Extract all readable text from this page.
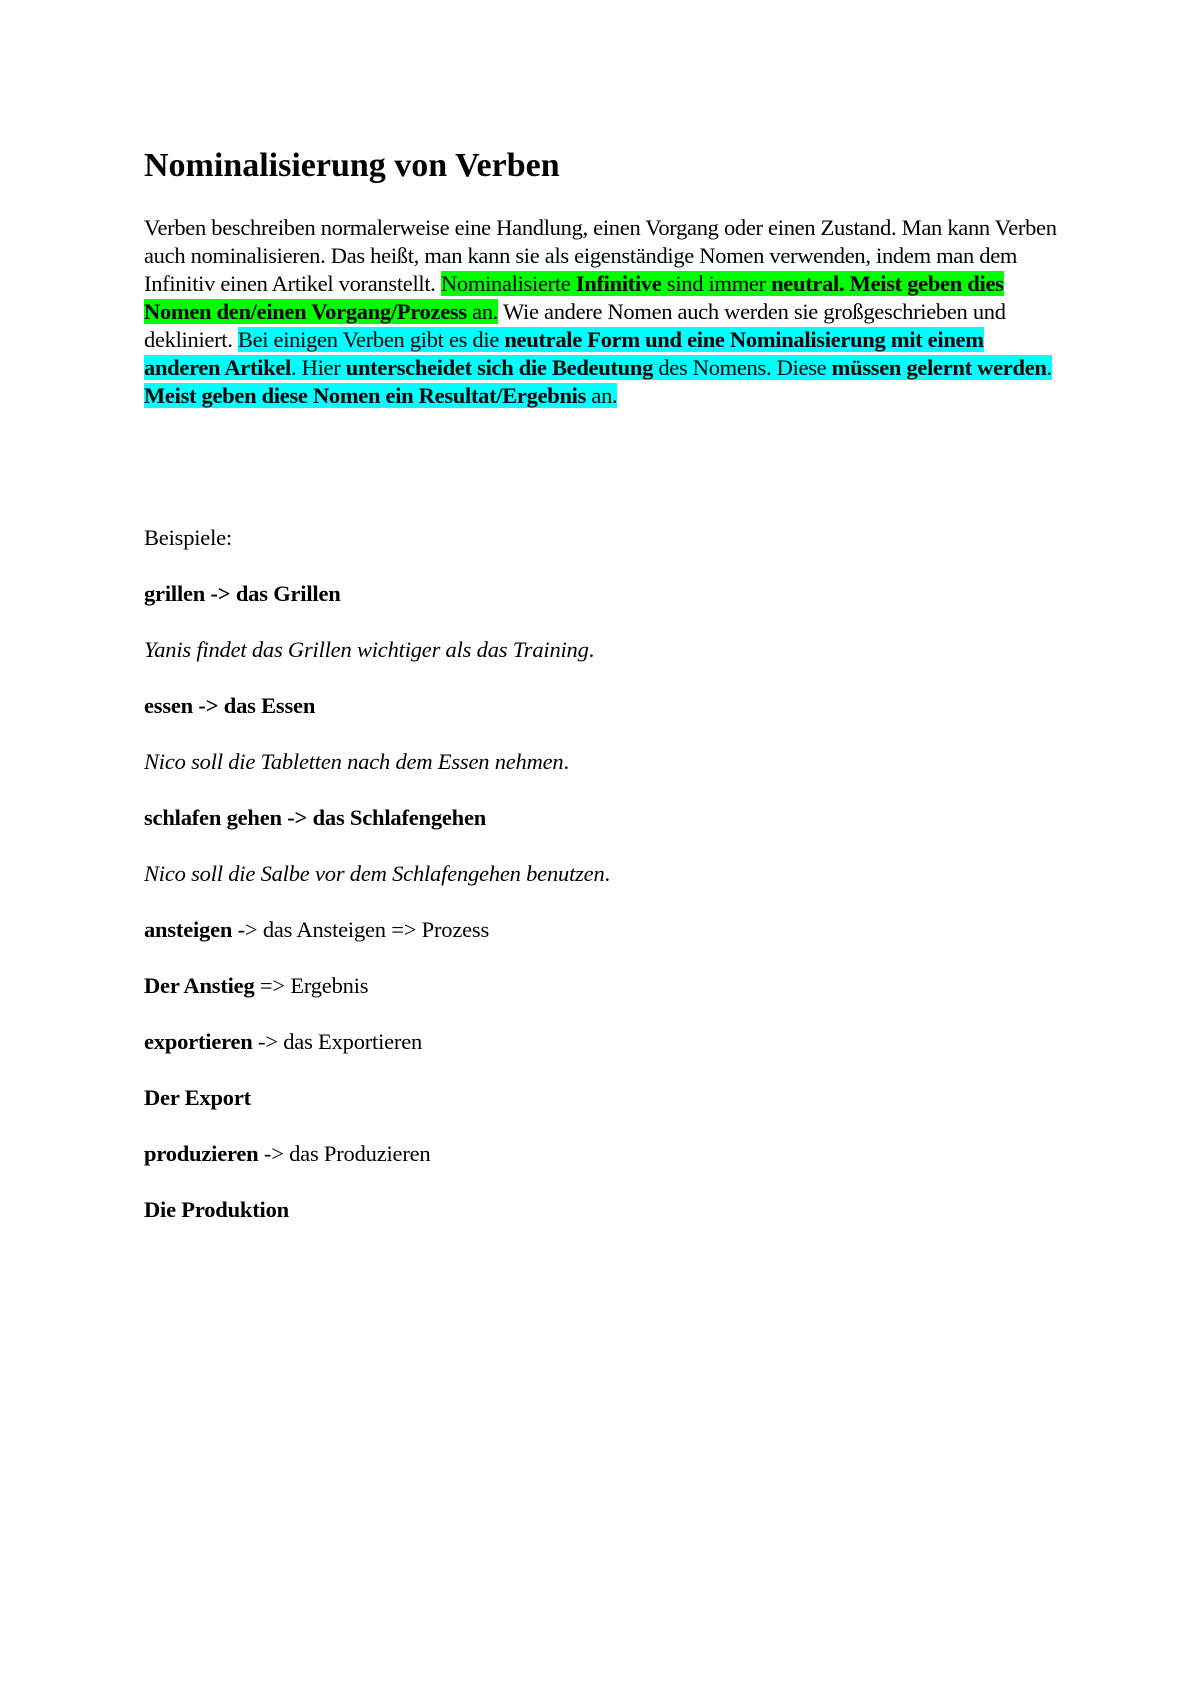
Nominalisierung von Verben

Verben beschreiben normalerweise eine Handlung, einen Vorgang oder einen Zustand. Man kann Verben auch nominalisieren. Das heißt, man kann sie als eigenständige Nomen verwenden, indem man dem Infinitiv einen Artikel voranstellt. Nominalisierte Infinitive sind immer neutral. Meist geben dies Nomen den/einen Vorgang/Prozess an. Wie andere Nomen auch werden sie großgeschrieben und dekliniert. Bei einigen Verben gibt es die neutrale Form und eine Nominalisierung mit einem anderen Artikel. Hier unterscheidet sich die Bedeutung des Nomens. Diese müssen gelernt werden. Meist geben diese Nomen ein Resultat/Ergebnis an.

Beispiele:

grillen -> das Grillen

Yanis findet das Grillen wichtiger als das Training.

essen -> das Essen

Nico soll die Tabletten nach dem Essen nehmen.

schlafen gehen -> das Schlafengehen

Nico soll die Salbe vor dem Schlafengehen benutzen.

ansteigen -> das Ansteigen => Prozess

Der Anstieg => Ergebnis

exportieren -> das Exportieren

Der Export

produzieren -> das Produzieren

Die Produktion
